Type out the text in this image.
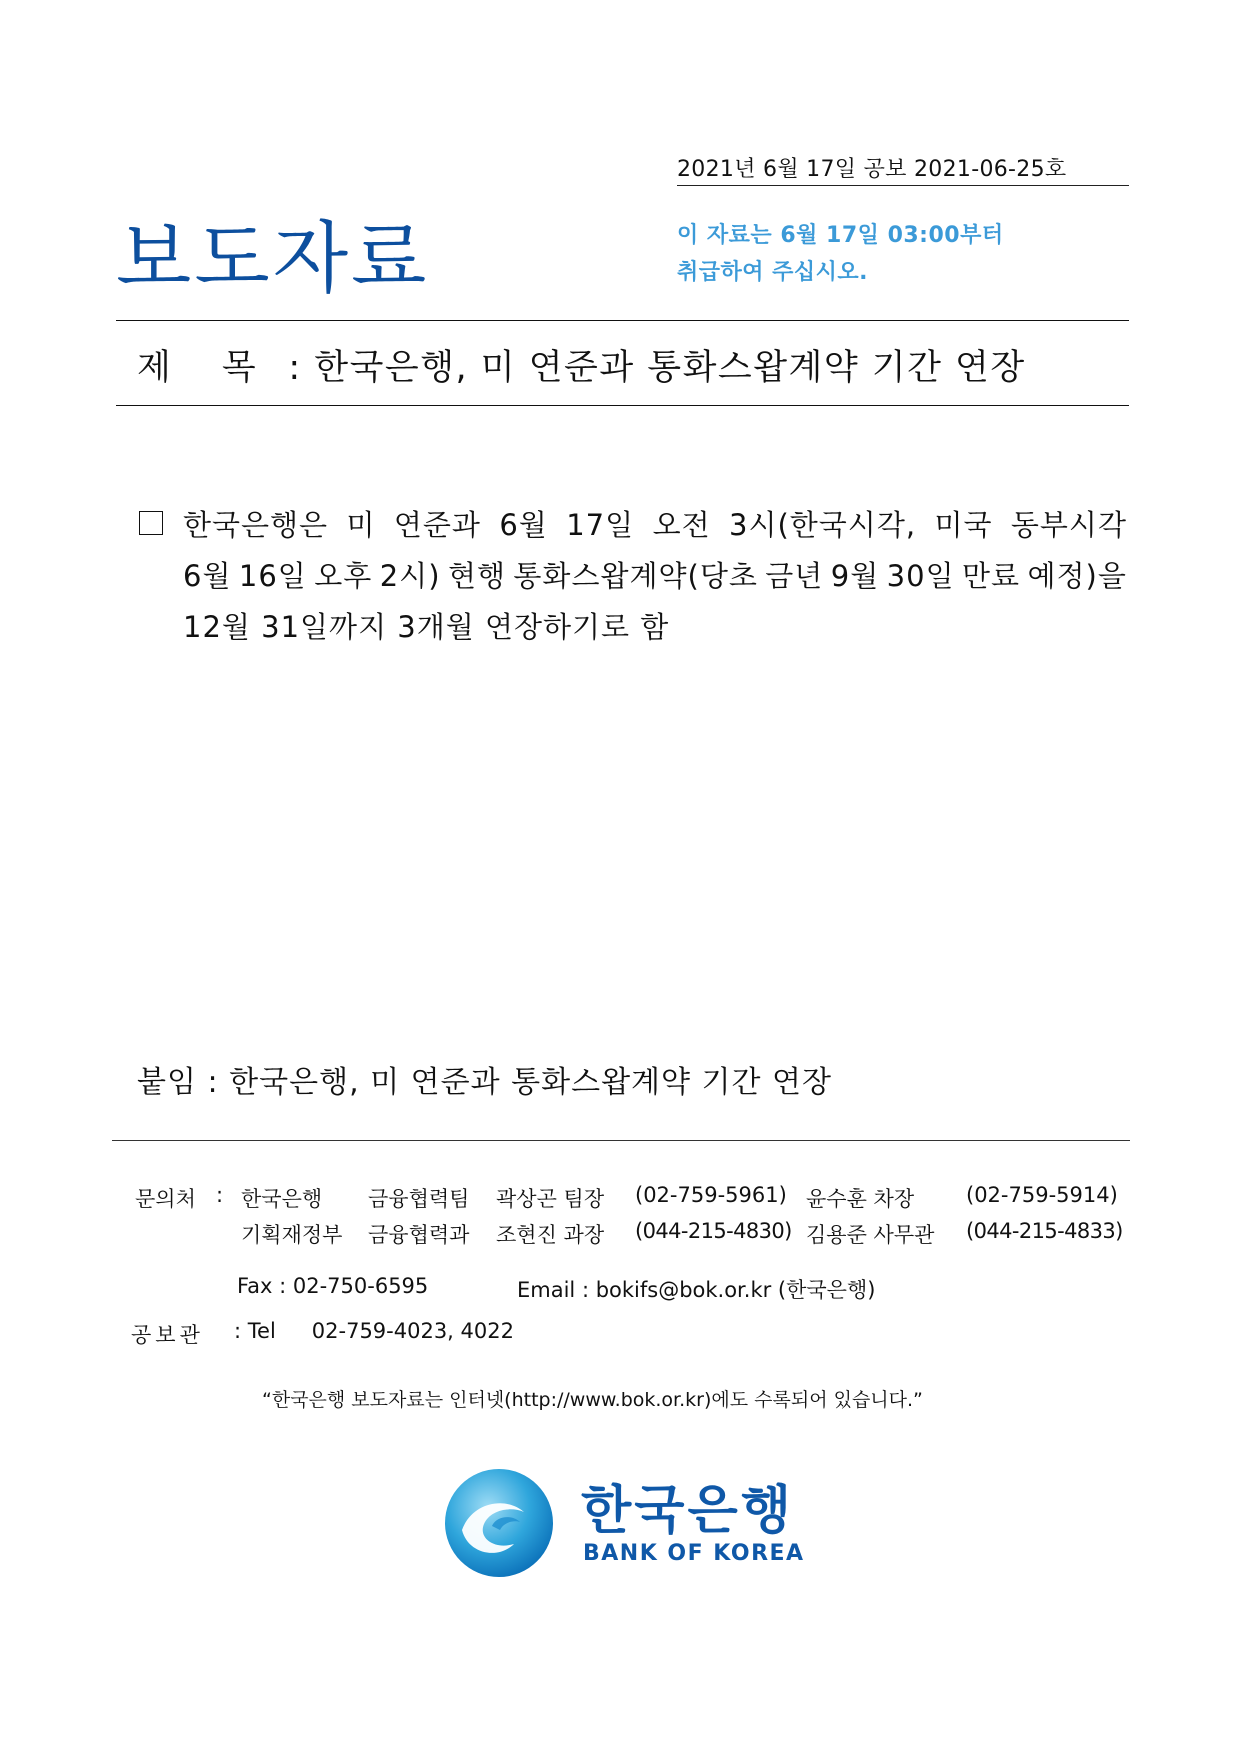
2021년 6월 17일 공보 2021-06-25호
보도자료	이 자료는 6월 17일 03:00부터
취급하여 주십시오.
제 목 : 한국은행, 미 연준과 통화스왑계약 기간 연장
한국은행은 미 연준과 6월 17일 오전 3시(한국시각, 미국 동부시각
6월 16일 오후 2시) 현행 통화스왑계약(당초 금년 9월 30일 만료 예정)을
12월 31일까지 3개월 연장하기로 함
붙임 : 한국은행, 미 연준과 통화스왑계약 기간 연장
문의처 : 한국은행 금융협력팀 곽상곤 팀장 (02-759-5961) 윤수훈 차장 (02-759-5914)
기획재정부 금융협력과 조현진 과장 (044-215-4830) 김용준 사무관 (044-215-4833)
Fax : 02-750-6595	Email : bokifs@bok.or.kr (한국은행)
공보관 : Tel 02-759-4023, 4022
“한국은행 보도자료는 인터넷(http://www.bok.or.kr)에도 수록되어 있습니다.”
한국은행
BANK OF KOREA
